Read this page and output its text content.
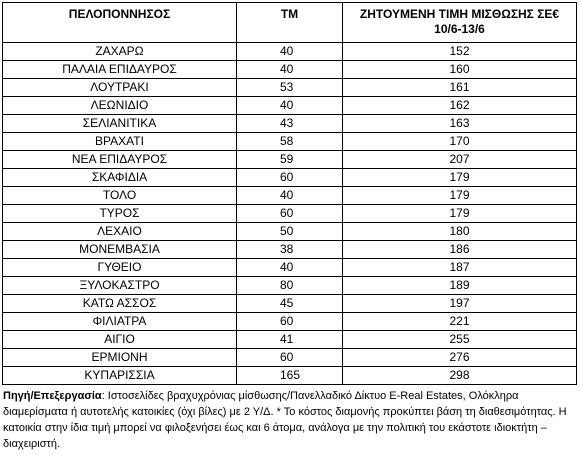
ΠΕΛΟΠΟΝΝΗΣΟΣ	ΤΜ	ΖΗΤΟΥΜΕΝΗ ΤΙΜΗ ΜΙΣΘΩΣΗΣ ΣΕ€
10/6-13/6
ΖΑΧΑΡΩ	40	152
ΠΑΛΑΙΑ ΕΠΙΔΑΥΡΟΣ	40	160
ΛΟΥΤΡΑΚΙ	53	161
ΛΕΩΝΙΔΙΟ	40	162
ΣΕΛΙΑΝΙΤΙΚΑ	43	163
ΒΡΑΧΑΤΙ	58	170
ΝΕΑ ΕΠΙΔΑΥΡΟΣ	59	207
ΣΚΑΦΙΔΙΑ	60	179
ΤΟΛΟ	40	179
ΤΥΡΟΣ	60	179
ΛΕΧΑΙΟ	50	180
ΜΟΝΕΜΒΑΣΙΑ	38	186
ΓΥΘΕΙΟ	40	187
ΞΥΛΟΚΑΣΤΡΟ	80	189
ΚΑΤΩ ΑΣΣΟΣ	45	197
ΦΙΛΙΑΤΡΑ	60	221
ΑΙΓΙΟ	41	255
ΕΡΜΙΟΝΗ	60	276
ΚΥΠΑΡΙΣΣΙΑ	165	298
Πηγή/Επεξεργασία: Ιστοσελίδες βραχυχρόνιας μίσθωσης/Πανελλαδικό Δίκτυο E-Real Estates, Ολόκληρα διαμερίσματα ή αυτοτελής κατοικίες (όχι βίλες) με 2 Υ/Δ. * Το κόστος διαμονής προκύπτει βάση τη διαθεσιμότητας. Η κατοικία στην ίδια τιμή μπορεί να φιλοξενήσει έως και 6 άτομα, ανάλογα με την πολιτική του εκάστοτε ιδιοκτήτη – διαχειριστή.
